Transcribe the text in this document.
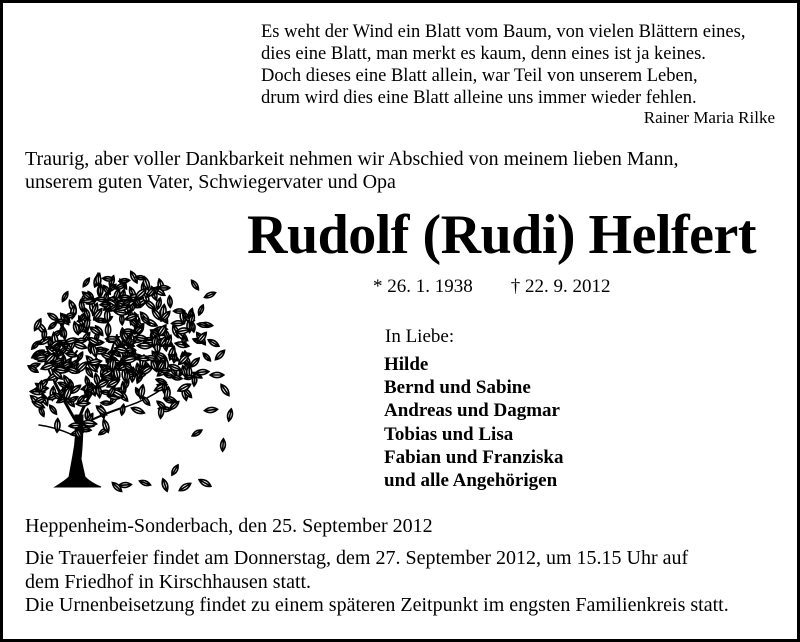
Es weht der Wind ein Blatt vom Baum, von vielen Blättern eines,
dies eine Blatt, man merkt es kaum, denn eines ist ja keines.
Doch dieses eine Blatt allein, war Teil von unserem Leben,
drum wird dies eine Blatt alleine uns immer wieder fehlen.
Rainer Maria Rilke
Traurig, aber voller Dankbarkeit nehmen wir Abschied von meinem lieben Mann,
unserem guten Vater, Schwiegervater und Opa
Rudolf (Rudi) Helfert
* 26. 1. 1938 † 22. 9. 2012
In Liebe:
Hilde
Bernd und Sabine
Andreas und Dagmar
Tobias und Lisa
Fabian und Franziska
und alle Angehörigen
Heppenheim-Sonderbach, den 25. September 2012
Die Trauerfeier findet am Donnerstag, dem 27. September 2012, um 15.15 Uhr auf
dem Friedhof in Kirschhausen statt.
Die Urnenbeisetzung findet zu einem späteren Zeitpunkt im engsten Familienkreis statt.
